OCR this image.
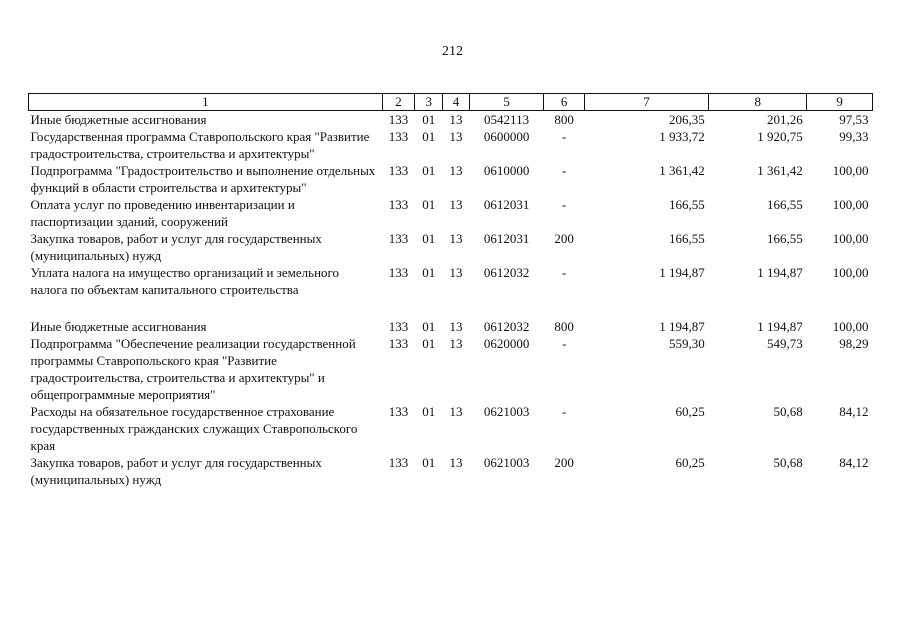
212
1	2	3	4	5	6	7	8	9
Иные бюджетные ассигнования	133	01	13	0542113	800	206,35	201,26	97,53
Государственная программа Ставропольского края "Развитие градостроительства, строительства и архитектуры"	133	01	13	0600000	-	1 933,72	1 920,75	99,33
Подпрограмма "Градостроительство и выполнение отдельных функций в области строительства и архитектуры"	133	01	13	0610000	-	1 361,42	1 361,42	100,00
Оплата услуг по проведению инвентаризации и паспортизации зданий, сооружений	133	01	13	0612031	-	166,55	166,55	100,00
Закупка товаров, работ и услуг для государственных (муниципальных) нужд	133	01	13	0612031	200	166,55	166,55	100,00
Уплата налога на имущество организаций и земельного налога по объектам капитального строительства	133	01	13	0612032	-	1 194,87	1 194,87	100,00
Иные бюджетные ассигнования	133	01	13	0612032	800	1 194,87	1 194,87	100,00
Подпрограмма "Обеспечение реализации государственной программы Ставропольского края "Развитие градостроительства, строительства и архитектуры" и общепрограммные мероприятия"	133	01	13	0620000	-	559,30	549,73	98,29
Расходы на обязательное государственное страхование государственных гражданских служащих Ставропольского края	133	01	13	0621003	-	60,25	50,68	84,12
Закупка товаров, работ и услуг для государственных (муниципальных) нужд	133	01	13	0621003	200	60,25	50,68	84,12
